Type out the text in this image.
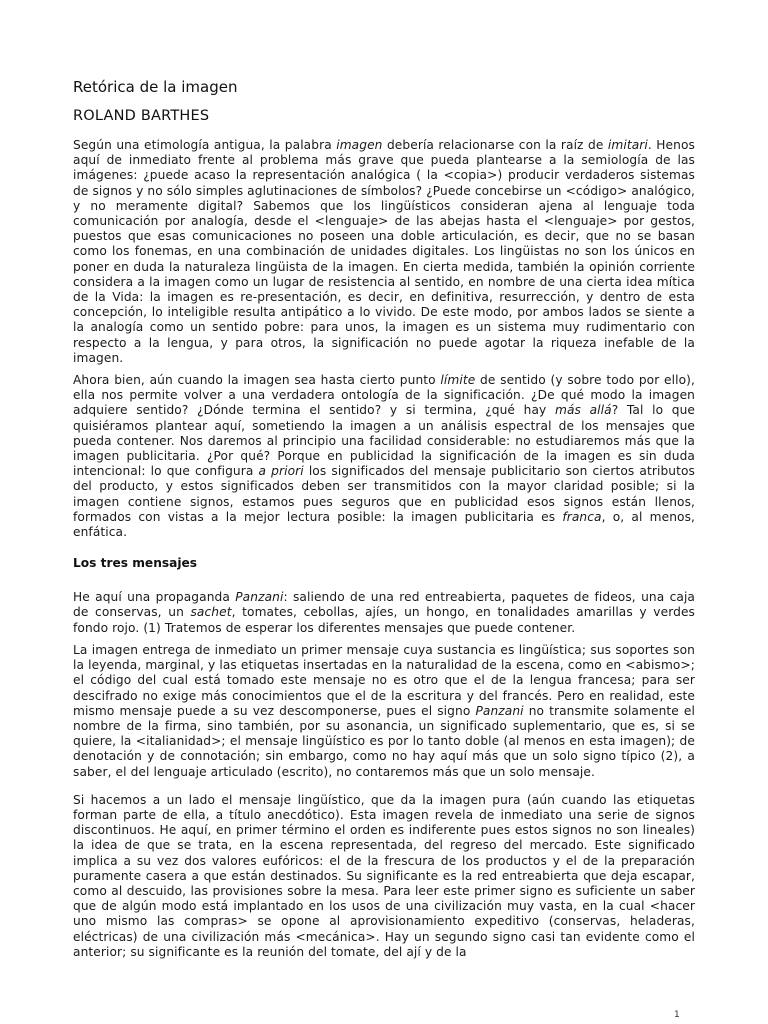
Retórica de la imagen
ROLAND BARTHES

Según una etimología antigua, la palabra imagen debería relacionarse con la raíz de imitari. Henos aquí de inmediato frente al problema más grave que pueda plantearse a la semiología de las imágenes: ¿puede acaso la representación analógica ( la <copia>) producir verdaderos sistemas de signos y no sólo simples aglutinaciones de símbolos? ¿Puede concebirse un <código> analógico, y no meramente digital? Sabemos que los lingüísticos consideran ajena al lenguaje toda comunicación por analogía, desde el <lenguaje> de las abejas hasta el <lenguaje> por gestos, puestos que esas comunicaciones no poseen una doble articulación, es decir, que no se basan como los fonemas, en una combinación de unidades digitales. Los lingüistas no son los únicos en poner en duda la naturaleza lingüista de la imagen. En cierta medida, también la opinión corriente considera a la imagen como un lugar de resistencia al sentido, en nombre de una cierta idea mítica de la Vida: la imagen es re-presentación, es decir, en definitiva, resurrección, y dentro de esta concepción, lo inteligible resulta antipático a lo vivido. De este modo, por ambos lados se siente a la analogía como un sentido pobre: para unos, la imagen es un sistema muy rudimentario con respecto a la lengua, y para otros, la significación no puede agotar la riqueza inefable de la imagen.

Ahora bien, aún cuando la imagen sea hasta cierto punto límite de sentido (y sobre todo por ello), ella nos permite volver a una verdadera ontología de la significación. ¿De qué modo la imagen adquiere sentido? ¿Dónde termina el sentido? y si termina, ¿qué hay más allá? Tal lo que quisiéramos plantear aquí, sometiendo la imagen a un análisis espectral de los mensajes que pueda contener. Nos daremos al principio una facilidad considerable: no estudiaremos más que la imagen publicitaria. ¿Por qué? Porque en publicidad la significación de la imagen es sin duda intencional: lo que configura a priori los significados del mensaje publicitario son ciertos atributos del producto, y estos significados deben ser transmitidos con la mayor claridad posible; si la imagen contiene signos, estamos pues seguros que en publicidad esos signos están llenos, formados con vistas a la mejor lectura posible: la imagen publicitaria es franca, o, al menos, enfática.

Los tres mensajes

He aquí una propaganda Panzani: saliendo de una red entreabierta, paquetes de fideos, una caja de conservas, un sachet, tomates, cebollas, ajíes, un hongo, en tonalidades amarillas y verdes fondo rojo. (1) Tratemos de esperar los diferentes mensajes que puede contener.

La imagen entrega de inmediato un primer mensaje cuya sustancia es lingüística; sus soportes son la leyenda, marginal, y las etiquetas insertadas en la naturalidad de la escena, como en <abismo>; el código del cual está tomado este mensaje no es otro que el de la lengua francesa; para ser descifrado no exige más conocimientos que el de la escritura y del francés. Pero en realidad, este mismo mensaje puede a su vez descomponerse, pues el signo Panzani no transmite solamente el nombre de la firma, sino también, por su asonancia, un significado suplementario, que es, si se quiere, la <italianidad>; el mensaje lingüístico es por lo tanto doble (al menos en esta imagen); de denotación y de connotación; sin embargo, como no hay aquí más que un solo signo típico (2), a saber, el del lenguaje articulado (escrito), no contaremos más que un solo mensaje.

Si hacemos a un lado el mensaje lingüístico, que da la imagen pura (aún cuando las etiquetas forman parte de ella, a título anecdótico). Esta imagen revela de inmediato una serie de signos discontinuos. He aquí, en primer término el orden es indiferente pues estos signos no son lineales) la idea de que se trata, en la escena representada, del regreso del mercado. Este significado implica a su vez dos valores eufóricos: el de la frescura de los productos y el de la preparación puramente casera a que están destinados. Su significante es la red entreabierta que deja escapar, como al descuido, las provisiones sobre la mesa. Para leer este primer signo es suficiente un saber que de algún modo está implantado en los usos de una civilización muy vasta, en la cual <hacer uno mismo las compras> se opone al aprovisionamiento expeditivo (conservas, heladeras, eléctricas) de una civilización más <mecánica>. Hay un segundo signo casi tan evidente como el anterior; su significante es la reunión del tomate, del ají y de la

1
